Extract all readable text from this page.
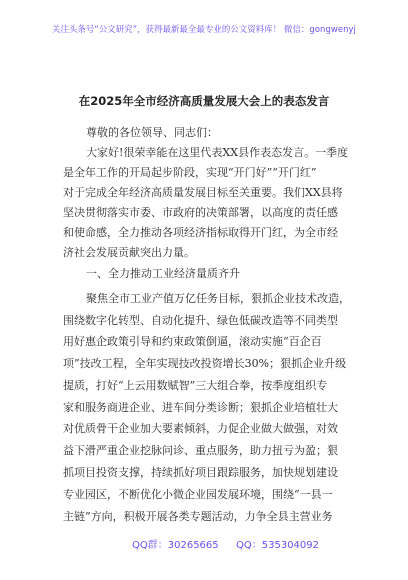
关注头条号“公文研究”，获得最新最全最专业的公文资料库！ 微信：gongwenyj
在2025年全市经济高质量发展大会上的表态发言
尊敬的各位领导、同志们：
大家好!很荣幸能在这里代表XX县作表态发言。一季度
是全年工作的开局起步阶段，实现“开门好”“开门红”
对于完成全年经济高质量发展目标至关重要。我们XX县将
坚决贯彻落实市委、市政府的决策部署，以高度的责任感
和使命感，全力推动各项经济指标取得开门红，为全市经
济社会发展贡献突出力量。
一、全力推动工业经济量质齐升
聚焦全市工业产值万亿任务目标，狠抓企业技术改造，
围绕数字化转型、自动化提升、绿色低碳改造等不同类型
用好惠企政策引导和约束政策倒逼，滚动实施“百企百
项”技改工程，全年实现技改投资增长30%；狠抓企业升级
提质，打好“上云用数赋智”三大组合拳，按季度组织专
家和服务商进企业、进车间分类诊断；狠抓企业培植壮大
对优质骨干企业加大要素倾斜，力促企业做大做强，对效
益下滑严重企业挖脉问诊、重点服务，助力扭亏为盈；狠
抓项目投资支撑，持续抓好项目跟踪服务，加快规划建设
专业园区，不断优化小微企业园发展环境，围绕“一县一
主链”方向，积极开展各类专题活动，力争全县主营业务
QQ群：30265665 QQ：535304092
